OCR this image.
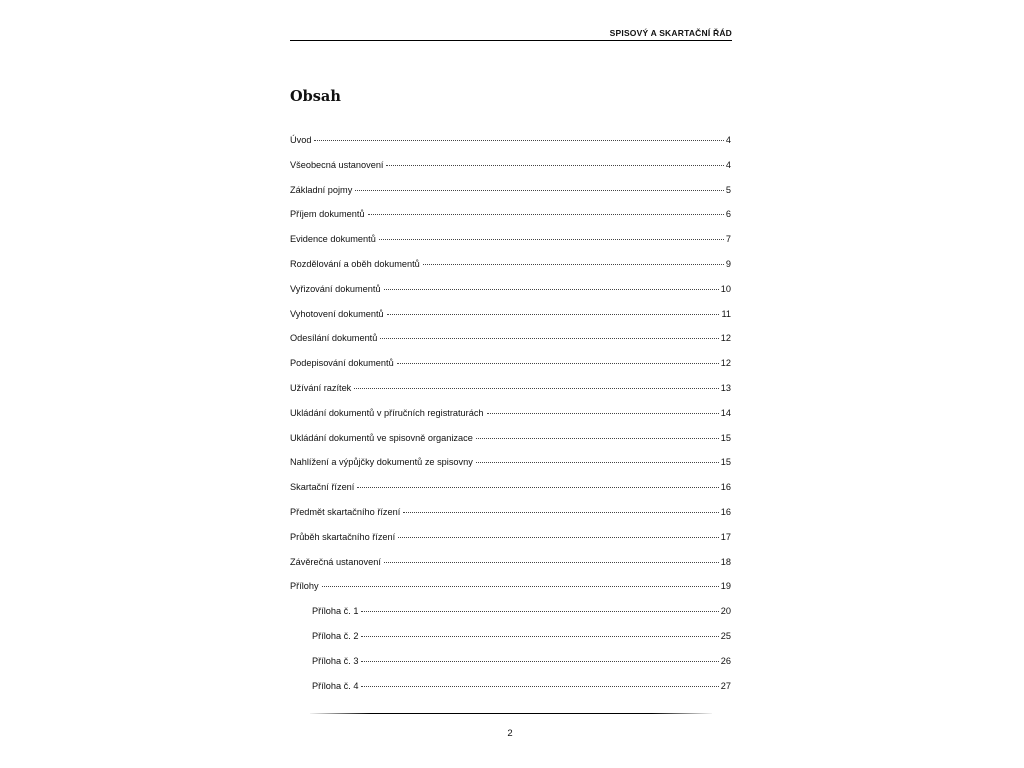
SPISOVÝ A SKARTAČNÍ ŘÁD
Obsah
Úvod	4
Všeobecná ustanovení	4
Základní pojmy	5
Příjem dokumentů	6
Evidence dokumentů	7
Rozdělování a oběh dokumentů	9
Vyřizování dokumentů	10
Vyhotovení dokumentů	11
Odesílání dokumentů	12
Podepisování dokumentů	12
Užívání razítek	13
Ukládání dokumentů v příručních registraturách	14
Ukládání dokumentů ve spisovně organizace	15
Nahlížení a výpůjčky dokumentů ze spisovny	15
Skartační řízení	16
Předmět skartačního řízení	16
Průběh skartačního řízení	17
Závěrečná ustanovení	18
Přílohy	19
Příloha č. 1	20
Příloha č. 2	25
Příloha č. 3	26
Příloha č. 4	27
2
